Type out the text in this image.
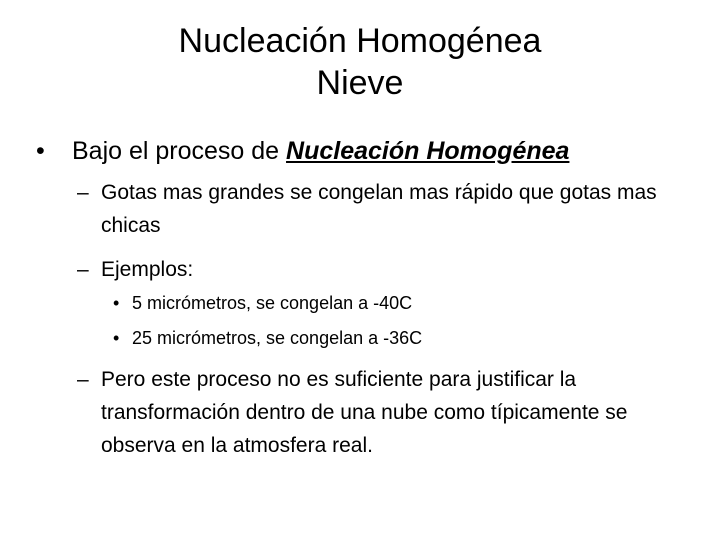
Nucleación Homogénea
Nieve
• Bajo el proceso de Nucleación Homogénea
– Gotas mas grandes se congelan mas rápido que gotas mas chicas
– Ejemplos:
• 5 micrómetros, se congelan a -40C
• 25 micrómetros, se congelan a -36C
– Pero este proceso no es suficiente para justificar la transformación dentro de una nube como típicamente se observa en la atmosfera real.
